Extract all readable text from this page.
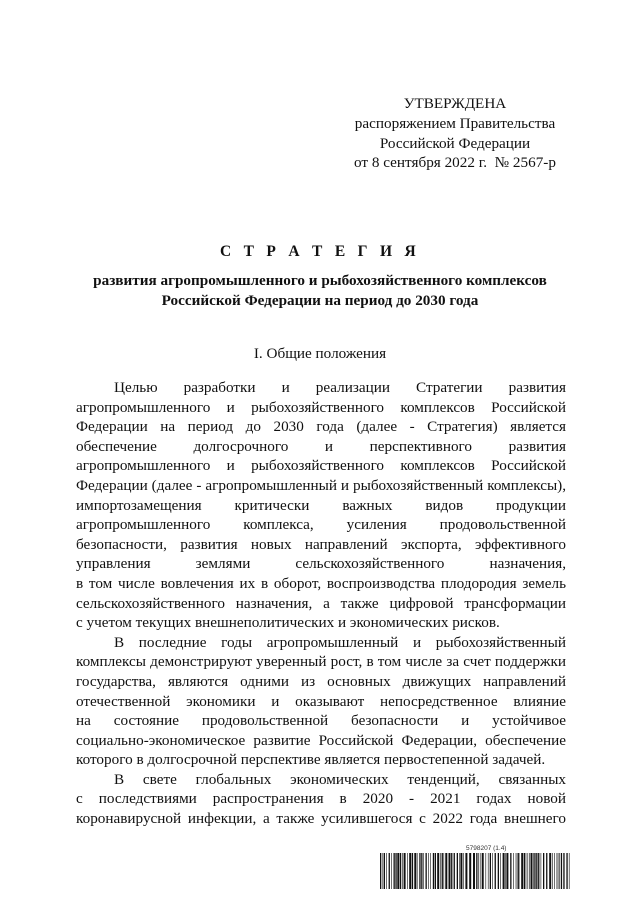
УТВЕРЖДЕНА
распоряжением Правительства
Российской Федерации
от 8 сентября 2022 г.  № 2567-р
С Т Р А Т Е Г И Я
развития агропромышленного и рыбохозяйственного комплексов
Российской Федерации на период до 2030 года
I. Общие положения
Целью разработки и реализации Стратегии развития
агропромышленного и рыбохозяйственного комплексов Российской
Федерации на период до 2030 года (далее - Стратегия) является
обеспечение долгосрочного и перспективного развития
агропромышленного и рыбохозяйственного комплексов Российской
Федерации (далее - агропромышленный и рыбохозяйственный комплексы),
импортозамещения критически важных видов продукции
агропромышленного комплекса, усиления продовольственной
безопасности, развития новых направлений экспорта, эффективного
управления землями сельскохозяйственного назначения,
в том числе вовлечения их в оборот, воспроизводства плодородия земель
сельскохозяйственного назначения, а также цифровой трансформации
с учетом текущих внешнеполитических и экономических рисков.
В последние годы агропромышленный и рыбохозяйственный
комплексы демонстрируют уверенный рост, в том числе за счет поддержки
государства, являются одними из основных движущих направлений
отечественной экономики и оказывают непосредственное влияние
на состояние продовольственной безопасности и устойчивое
социально-экономическое развитие Российской Федерации, обеспечение
которого в долгосрочной перспективе является первостепенной задачей.
В свете глобальных экономических тенденций, связанных
с последствиями распространения в 2020 - 2021 годах новой
коронавирусной инфекции, а также усилившегося с 2022 года внешнего
5798207 (1.4)
